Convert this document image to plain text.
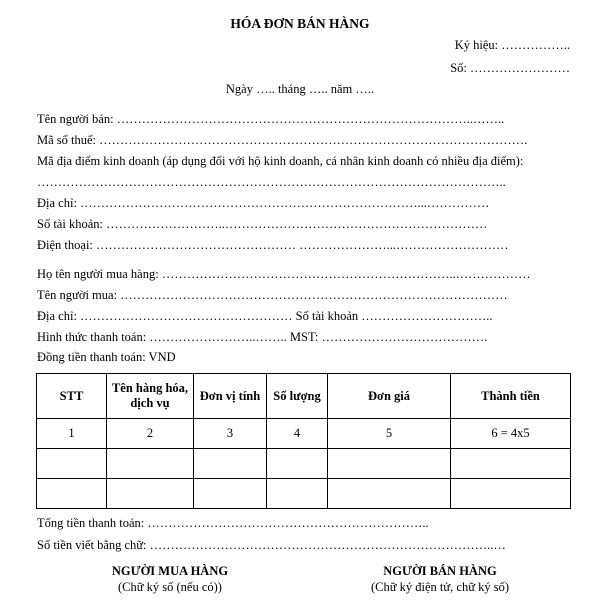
HÓA ĐƠN BÁN HÀNG
Ký hiệu: ……………..
Số: ……………………
Ngày ….. tháng ….. năm …..
Tên người bán: …………………………………………………………………………..……..
Mã số thuế: ………………………………………………………………………………………….
Mã địa điểm kinh doanh (áp dụng đối với hộ kinh doanh, cá nhân kinh doanh có nhiều địa điểm):
…………………………………………………………………………………………………..
Địa chỉ: ………………………………………………………………………...……………
Số tài khoản: ………………………..………………………………………………………
Điện thoại: ………………………………………… …………………...………………………
Họ tên người mua hàng: ……………………………………………………………..………………
Tên người mua: …………………………………………………………………………………
Địa chỉ: …………………………………………… Số tài khoản …………………………..
Hình thức thanh toán: ……………………..…….. MST: ………………………………….
Đồng tiền thanh toán: VND
STT	Tên hàng hóa, dịch vụ	Đơn vị tính	Số lượng	Đơn giá	Thành tiền
1	2	3	4	5	6 = 4x5

Tổng tiền thanh toán: …………………………………………………………..
Số tiền viết bằng chữ: ………………………………………………………………………..…
NGƯỜI MUA HÀNG
(Chữ ký số (nếu có))
NGƯỜI BÁN HÀNG
(Chữ ký điện tử, chữ ký số)
